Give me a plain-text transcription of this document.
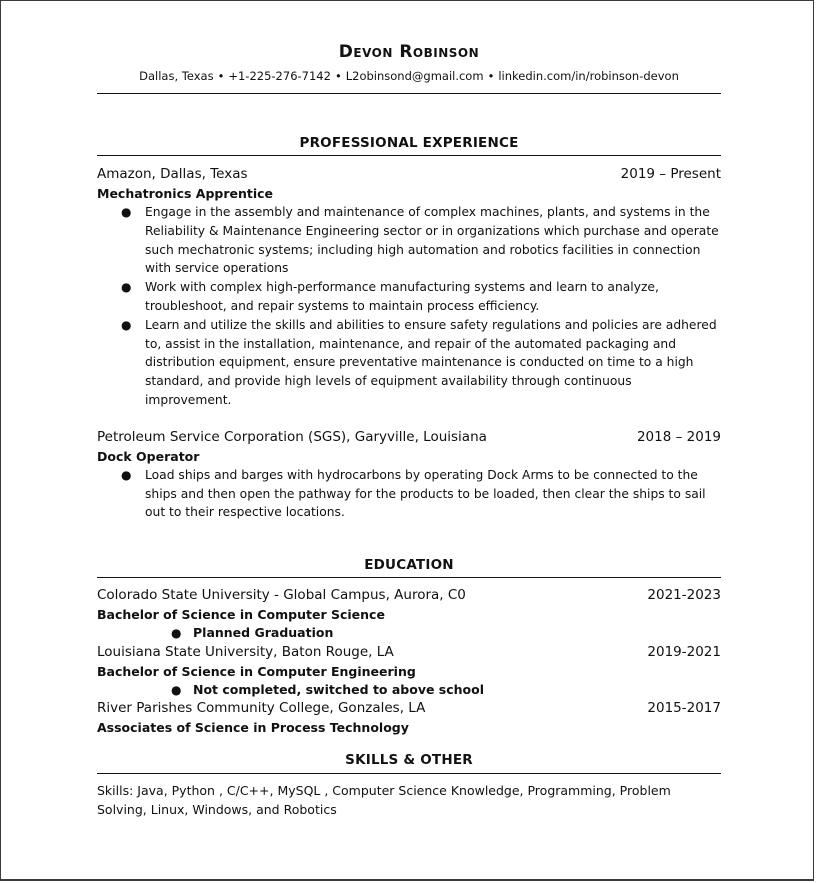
Devon Robinson
Dallas, Texas • +1-225-276-7142 • L2obinsond@gmail.com • linkedin.com/in/robinson-devon
PROFESSIONAL EXPERIENCE
Amazon, Dallas, Texas	2019 – Present
Mechatronics Apprentice
● Engage in the assembly and maintenance of complex machines, plants, and systems in the Reliability & Maintenance Engineering sector or in organizations which purchase and operate such mechatronic systems; including high automation and robotics facilities in connection with service operations
● Work with complex high-performance manufacturing systems and learn to analyze, troubleshoot, and repair systems to maintain process efficiency.
● Learn and utilize the skills and abilities to ensure safety regulations and policies are adhered to, assist in the installation, maintenance, and repair of the automated packaging and distribution equipment, ensure preventative maintenance is conducted on time to a high standard, and provide high levels of equipment availability through continuous improvement.
Petroleum Service Corporation (SGS), Garyville, Louisiana	2018 – 2019
Dock Operator
● Load ships and barges with hydrocarbons by operating Dock Arms to be connected to the ships and then open the pathway for the products to be loaded, then clear the ships to sail out to their respective locations.
EDUCATION
Colorado State University - Global Campus, Aurora, C0	2021-2023
Bachelor of Science in Computer Science
● Planned Graduation
Louisiana State University, Baton Rouge, LA	2019-2021
Bachelor of Science in Computer Engineering
● Not completed, switched to above school
River Parishes Community College, Gonzales, LA	2015-2017
Associates of Science in Process Technology
SKILLS & OTHER
Skills: Java, Python , C/C++, MySQL , Computer Science Knowledge, Programming, Problem Solving, Linux, Windows, and Robotics
